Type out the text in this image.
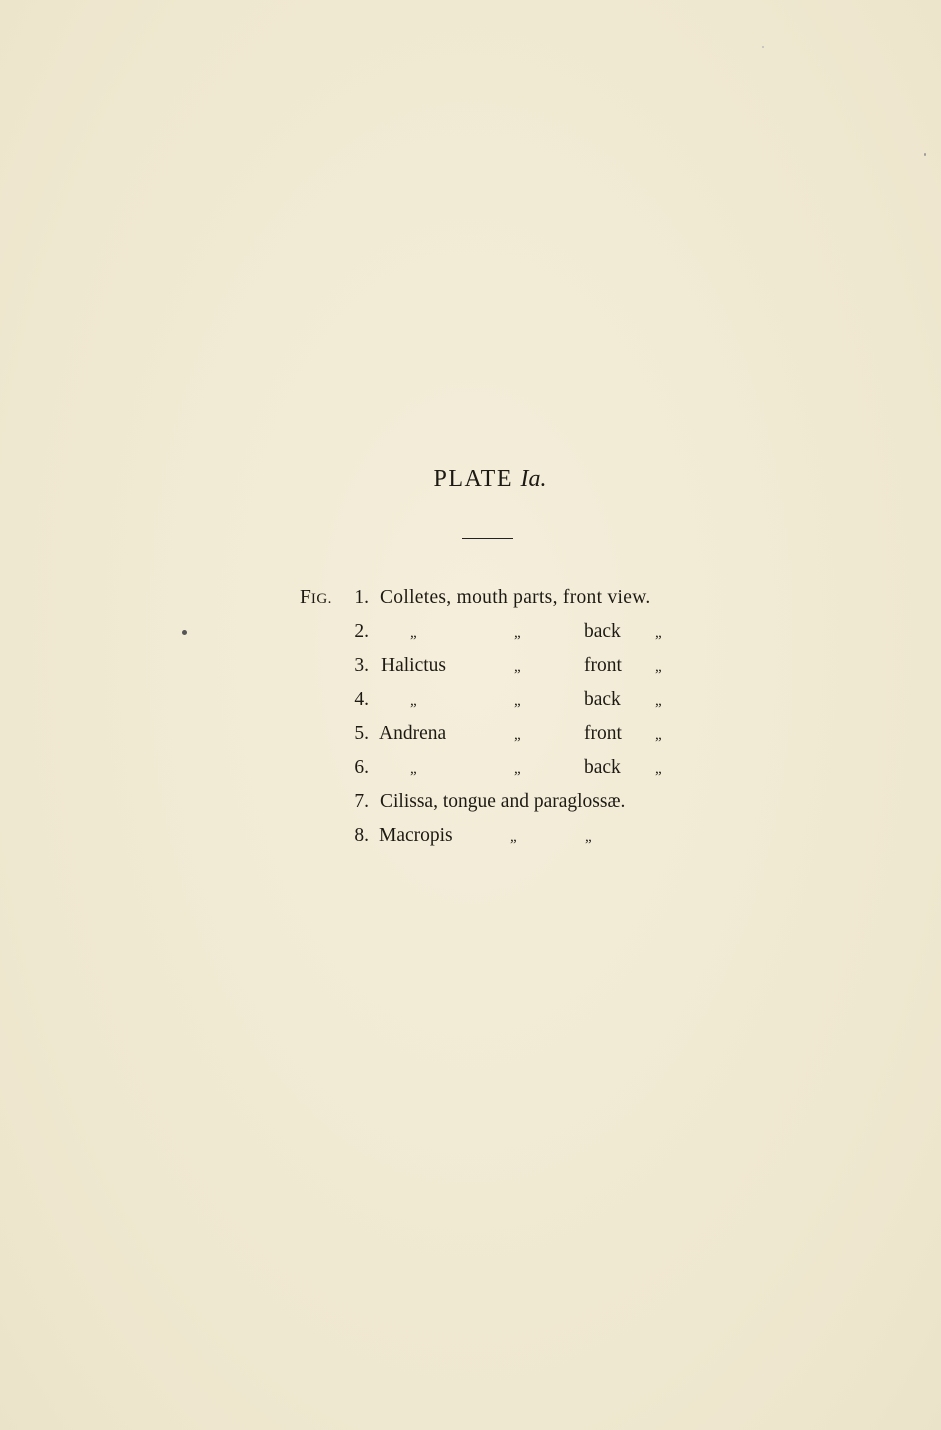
PLATE Ia.
FIG.	1. Colletes, mouth parts, front view.
2.	„	„	back „
3. Halictus	„	front „
4.	„	„	back „
5. Andrena	„	front „
6.	„	„	back „
7. Cilissa, tongue and paraglossæ.
8. Macropis	„	„
